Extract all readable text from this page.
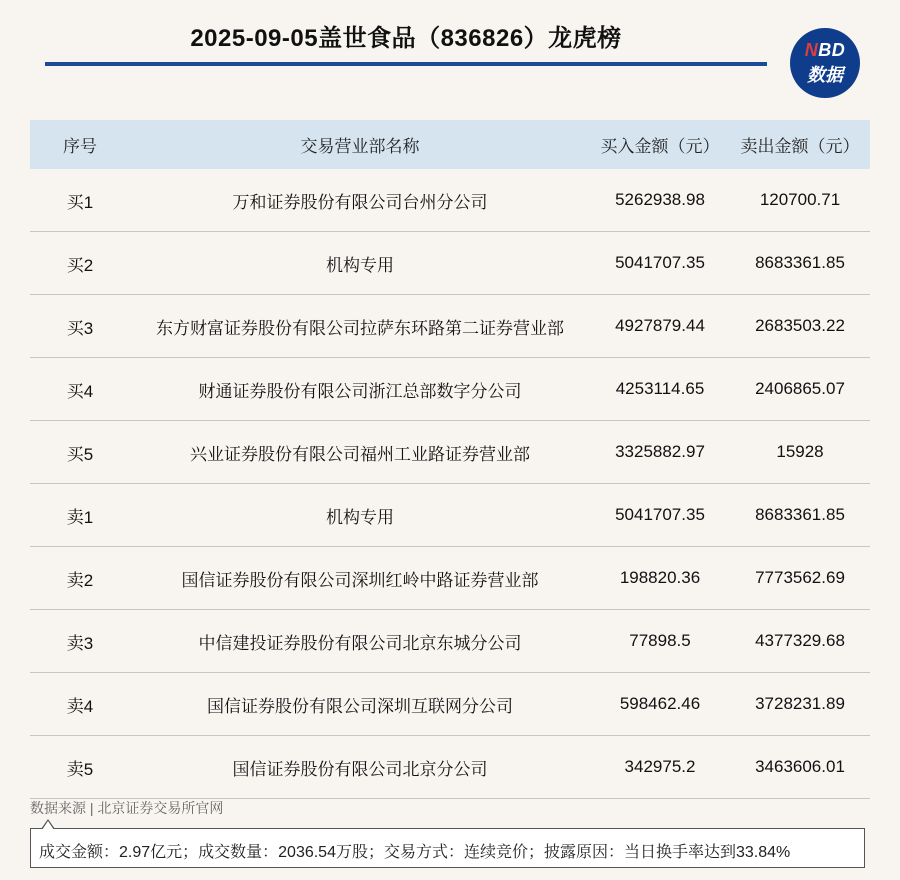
2025-09-05盖世食品（836826）龙虎榜	NBD
数据
序号	交易营业部名称	买入金额（元）	卖出金额（元）
买1	万和证券股份有限公司台州分公司	5262938.98	120700.71
买2	机构专用	5041707.35	8683361.85
买3	东方财富证券股份有限公司拉萨东环路第二证券营业部	4927879.44	2683503.22
买4	财通证券股份有限公司浙江总部数字分公司	4253114.65	2406865.07
买5	兴业证券股份有限公司福州工业路证券营业部	3325882.97	15928
卖1	机构专用	5041707.35	8683361.85
卖2	国信证券股份有限公司深圳红岭中路证券营业部	198820.36	7773562.69
卖3	中信建投证券股份有限公司北京东城分公司	77898.5	4377329.68
卖4	国信证券股份有限公司深圳互联网分公司	598462.46	3728231.89
卖5	国信证券股份有限公司北京分公司	342975.2	3463606.01
数据来源 | 北京证券交易所官网
成交金额：2.97亿元；成交数量：2036.54万股；交易方式：连续竞价；披露原因：当日换手率达到33.84%
